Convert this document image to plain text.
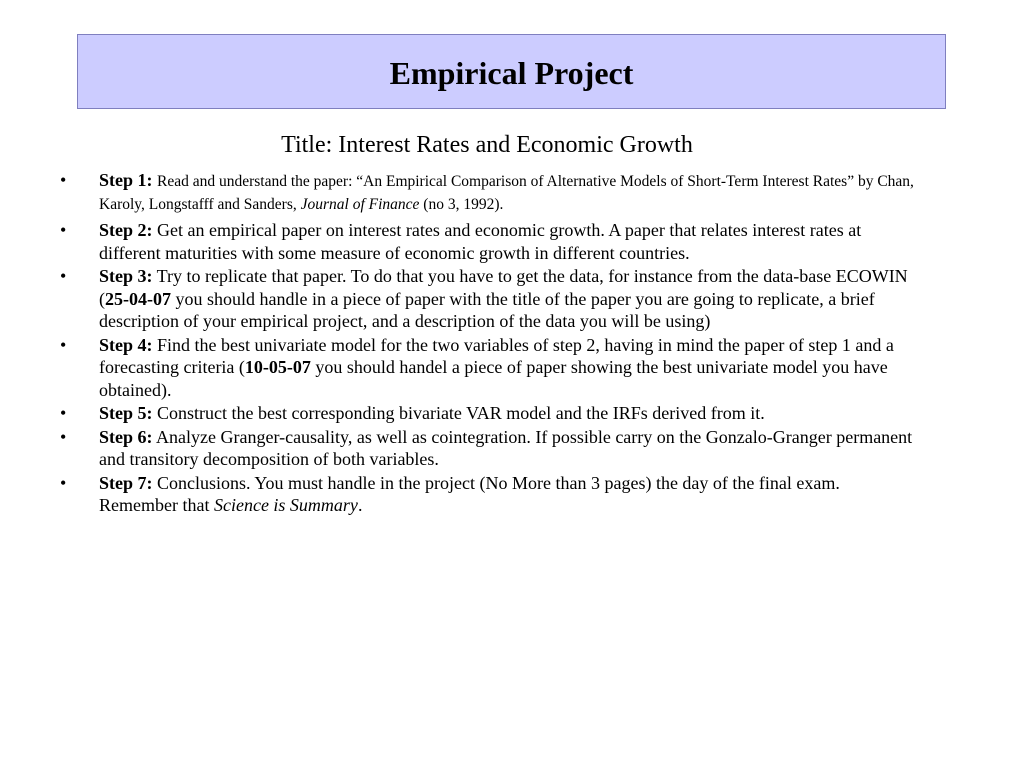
Empirical Project
Title: Interest Rates and Economic Growth
• Step 1: Read and understand the paper: “An Empirical Comparison of Alternative Models of Short-Term Interest Rates” by Chan, Karoly, Longstafff and Sanders, Journal of Finance (no 3, 1992).
• Step 2: Get an empirical paper on interest rates and economic growth. A paper that relates interest rates at different maturities with some measure of economic growth in different countries.
• Step 3: Try to replicate that paper. To do that you have to get the data, for instance from the data-base ECOWIN (25-04-07 you should handle in a piece of paper with the title of the paper you are going to replicate, a brief description of your empirical project, and a description of the data you will be using)
• Step 4: Find the best univariate model for the two variables of step 2, having in mind the paper of step 1 and a forecasting criteria (10-05-07 you should handel a piece of paper showing the best univariate model you have obtained).
• Step 5: Construct the best corresponding bivariate VAR model and the IRFs derived from it.
• Step 6: Analyze Granger-causality, as well as cointegration. If possible carry on the Gonzalo-Granger permanent and transitory decomposition of both variables.
• Step 7: Conclusions. You must handle in the project (No More than 3 pages) the day of the final exam. Remember that Science is Summary.
